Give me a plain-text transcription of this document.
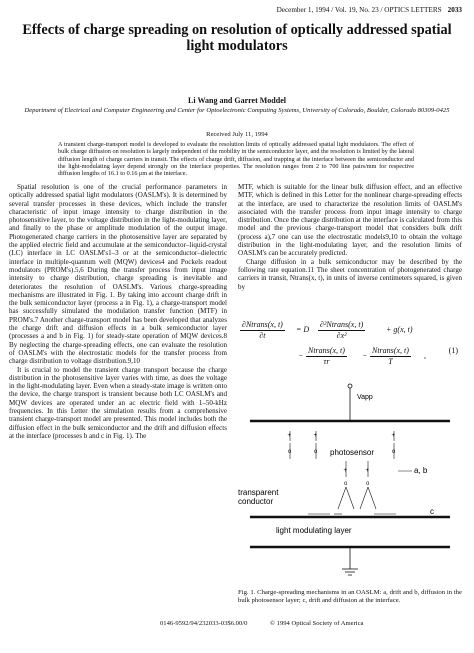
December 1, 1994 / Vol. 19, No. 23 / OPTICS LETTERS 2033
Effects of charge spreading on resolution of optically addressed spatial light modulators
Li Wang and Garret Moddel
Department of Electrical and Computer Engineering and Center for Optoelectronic Computing Systems, University of Colorado, Boulder, Colorado 80309-0425
Received July 11, 1994
A transient charge-transport model is developed to evaluate the resolution limits of optically addressed spatial light modulators. The effect of bulk charge diffusion on resolution is largely independent of the mobility in the semiconductor layer, and the resolution is limited by the lateral diffusion length of charge carriers in transit. The effects of charge drift, diffusion, and trapping at the interface between the semiconductor and the light-modulating layer depend strongly on the interface properties. The resolution ranges from 2 to 700 line pairs/mm for respective diffusion lengths of 16.1 to 0.16 μm at the interface.

Spatial resolution is one of the crucial performance parameters in optically addressed spatial light modulators (OASLM's). It is determined by several transfer processes in these devices, which include the transfer characteristic of input image intensity to charge distribution in the photosensitive layer, to the voltage distribution in the light-modulating layer, and finally to the phase or amplitude modulation of the output image. Photogenerated charge carriers in the photosensitive layer are separated by the applied electric field and accumulate at the semiconductor–liquid-crystal (LC) interface in LC OASLM's1–3 or at the semiconductor–dielectric interface in multiple-quantum well (MQW) devices4 and Pockels readout modulators (PROM's).5,6 During the transfer process from input image intensity to charge distribution, charge spreading is inevitable and deteriorates the resolution of OASLM's. Various charge-spreading mechanisms are illustrated in Fig. 1. By taking into account charge drift in the bulk semiconductor layer (process a in Fig. 1), a charge-transport model has successfully simulated the modulation transfer function (MTF) in PROM's.7 Another charge-transport model has been developed that analyzes the charge drift and diffusion effects in a bulk semiconductor layer (processes a and b in Fig. 1) for steady-state operation of MQW devices.8 By neglecting the charge-spreading effects, one can evaluate the resolution of OASLM's with the electrostatic models for the transfer process from charge distribution to voltage distribution.9,10

It is crucial to model the transient charge transport because the charge distribution in the photosensitive layer varies with time, as does the voltage in the light-modulating layer. Even when a steady-state image is written onto the device, the charge transport is transient because both LC OASLM's and MQW devices are operated under an ac electric field with 1–50-kHz frequencies. In this Letter the simulation results from a comprehensive transient charge-transport model are presented. This model includes both the diffusion effect in the bulk semiconductor and the drift and diffusion effects at the interface (processes b and c in Fig. 1). The

MTF, which is suitable for the linear bulk diffusion effect, and an effective MTF, which is defined in this Letter for the nonlinear charge-spreading effects at the interface, are used to characterize the resolution limits of OASLM's associated with the transfer process from input image intensity to charge distribution. Once the charge distribution at the interface is calculated from this model and the previous charge-transport model that considers bulk drift (process a),7 one can use the electrostatic models9,10 to obtain the voltage distribution in the light-modulating layer, and the resolution limits of OASLM's can be accurately predicted.

Charge diffusion in a bulk semiconductor may be described by the following rate equation.11 The sheet concentration of photogenerated charge carriers in transit, Ntrans(x, t), in units of inverse centimeters squared, is given by

∂Ntrans(x, t)
∂t
= D
∂²Ntrans(x, t)
∂x²
+ g(x, t)
−
Ntrans(x, t)
τr
−
Ntrans(x, t)
T
,
(1)
Vapp
photosensor
+
o
+
o
+
o
+	+
o	o
a, b
transparent
conductor
c
light modulating layer
Fig. 1. Charge-spreading mechanisms in an OASLM: a, drift and b, diffusion in the bulk photosensor layer; c, drift and diffusion at the interface.
0146-9592/94/232033-03$6.00/0	© 1994 Optical Society of America
